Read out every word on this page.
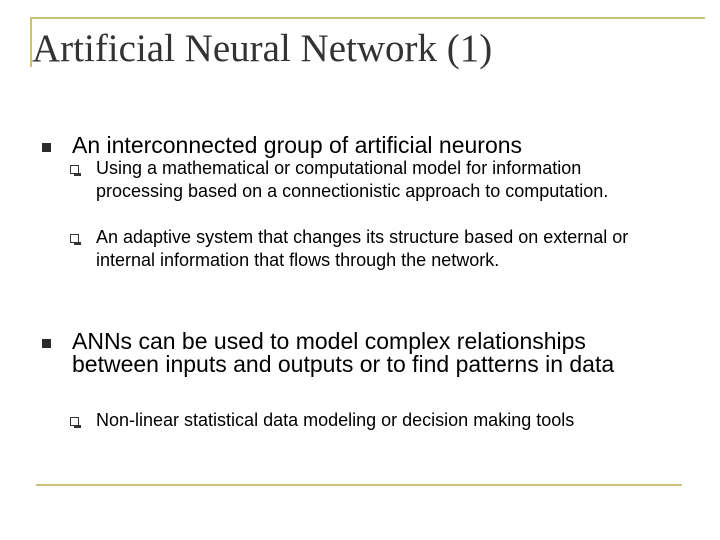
Artificial Neural Network (1)
An interconnected group of artificial neurons
Using a mathematical or computational model for information processing based on a connectionistic approach to computation.
An adaptive system that changes its structure based on external or internal information that flows through the network.
ANNs can be used to model complex relationships between inputs and outputs or to find patterns in data
Non-linear statistical data modeling or decision making tools
